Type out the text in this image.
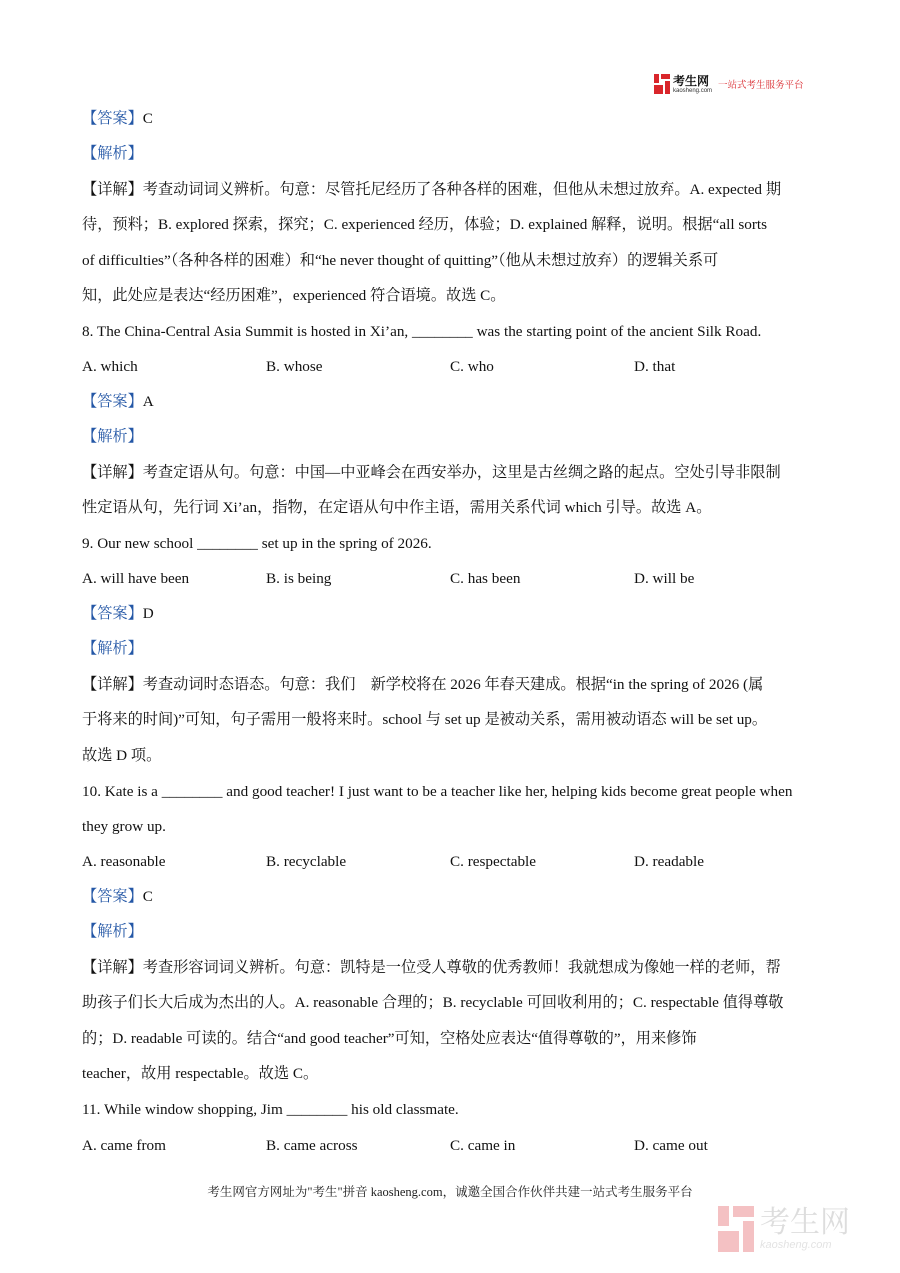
考生网
kaosheng.com 一站式考生服务平台
【答案】C
【解析】
【详解】考查动词词义辨析。句意：尽管托尼经历了各种各样的困难，但他从未想过放弃。A. expected 期
待，预料；B. explored 探索，探究；C. experienced 经历，体验；D. explained 解释，说明。根据“all sorts
of difficulties”（各种各样的困难）和“he never thought of quitting”（他从未想过放弃）的逻辑关系可
知，此处应是表达“经历困难”，experienced 符合语境。故选 C。
8. The China-Central Asia Summit is hosted in Xi’an, ________ was the starting point of the ancient Silk Road.
A. which	B. whose	C. who	D. that
【答案】A
【解析】
【详解】考查定语从句。句意：中国—中亚峰会在西安举办，这里是古丝绸之路的起点。空处引导非限制
性定语从句，先行词 Xi’an，指物，在定语从句中作主语，需用关系代词 which 引导。故选 A。
9. Our new school ________ set up in the spring of 2026.
A. will have been	B. is being	C. has been	D. will be
【答案】D
【解析】
【详解】考查动词时态语态。句意：我们　新学校将在 2026 年春天建成。根据“in the spring of 2026 (属
于将来的时间)”可知，句子需用一般将来时。school 与 set up 是被动关系，需用被动语态 will be set up。
故选 D 项。
10. Kate is a ________ and good teacher! I just want to be a teacher like her, helping kids become great people when
they grow up.
A. reasonable	B. recyclable	C. respectable	D. readable
【答案】C
【解析】
【详解】考查形容词词义辨析。句意：凯特是一位受人尊敬的优秀教师！我就想成为像她一样的老师，帮
助孩子们长大后成为杰出的人。A. reasonable 合理的；B. recyclable 可回收利用的；C. respectable 值得尊敬
的；D. readable 可读的。结合“and good teacher”可知，空格处应表达“值得尊敬的”，用来修饰
teacher，故用 respectable。故选 C。
11. While window shopping, Jim ________ his old classmate.
A. came from	B. came across	C. came in	D. came out
考生网官方网址为"考生"拼音 kaosheng.com，诚邀全国合作伙伴共建一站式考生服务平台
考生网
kaosheng.com
